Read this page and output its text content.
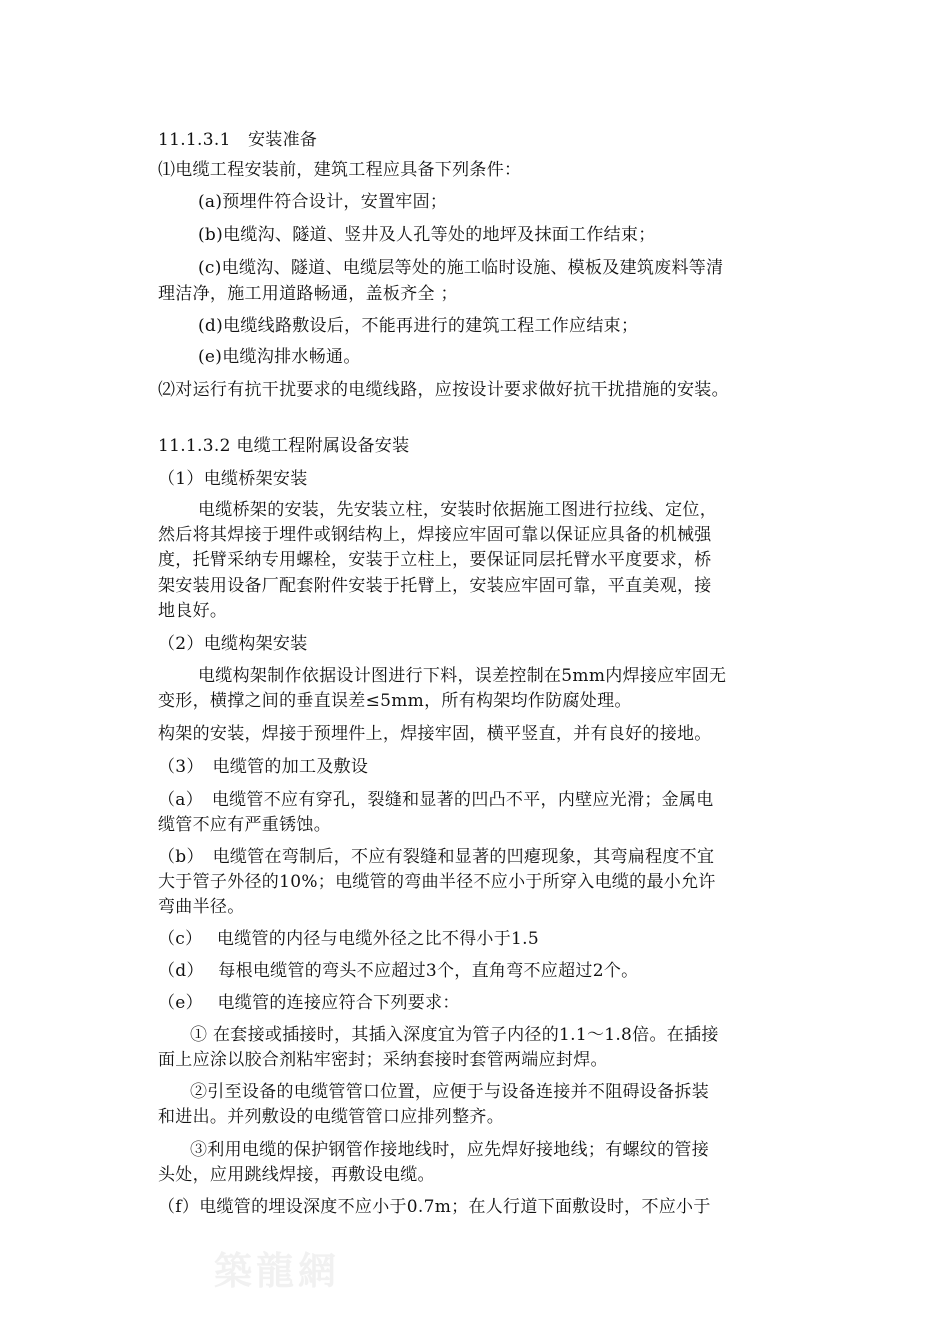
11.1.3.1　安装准备
⑴电缆工程安装前，建筑工程应具备下列条件：
(a)预埋件符合设计，安置牢固；
(b)电缆沟、隧道、竖井及人孔等处的地坪及抹面工作结束；
(c)电缆沟、隧道、电缆层等处的施工临时设施、模板及建筑废料等清
理洁净，施工用道路畅通，盖板齐全 ；
(d)电缆线路敷设后，不能再进行的建筑工程工作应结束；
(e)电缆沟排水畅通。
⑵对运行有抗干扰要求的电缆线路，应按设计要求做好抗干扰措施的安装。
11.1.3.2 电缆工程附属设备安装
（1）电缆桥架安装
电缆桥架的安装，先安装立柱，安装时依据施工图进行拉线、定位，
然后将其焊接于埋件或钢结构上，焊接应牢固可靠以保证应具备的机械强
度，托臂采纳专用螺栓，安装于立柱上，要保证同层托臂水平度要求，桥
架安装用设备厂配套附件安装于托臂上，安装应牢固可靠，平直美观，接
地良好。
（2）电缆构架安装
电缆构架制作依据设计图进行下料，误差控制在5mm内焊接应牢固无
变形，横撑之间的垂直误差≤5mm，所有构架均作防腐处理。
构架的安装，焊接于预埋件上，焊接牢固，横平竖直，并有良好的接地。
（3）　电缆管的加工及敷设
（a）　电缆管不应有穿孔，裂缝和显著的凹凸不平，内壁应光滑；金属电
缆管不应有严重锈蚀。
（b）　电缆管在弯制后，不应有裂缝和显著的凹瘪现象，其弯扁程度不宜
大于管子外径的10%；电缆管的弯曲半径不应小于所穿入电缆的最小允许
弯曲半径。
（c）　 电缆管的内径与电缆外径之比不得小于1.5
（d）　 每根电缆管的弯头不应超过3个，直角弯不应超过2个。
（e）　 电缆管的连接应符合下列要求：
① 在套接或插接时，其插入深度宜为管子内径的1.1～1.8倍。在插接
面上应涂以胶合剂粘牢密封；采纳套接时套管两端应封焊。
②引至设备的电缆管管口位置，应便于与设备连接并不阻碍设备拆装
和进出。并列敷设的电缆管管口应排列整齐。
③利用电缆的保护钢管作接地线时，应先焊好接地线；有螺纹的管接
头处，应用跳线焊接，再敷设电缆。
（f）电缆管的埋设深度不应小于0.7m；在人行道下面敷设时，不应小于
築龍網
